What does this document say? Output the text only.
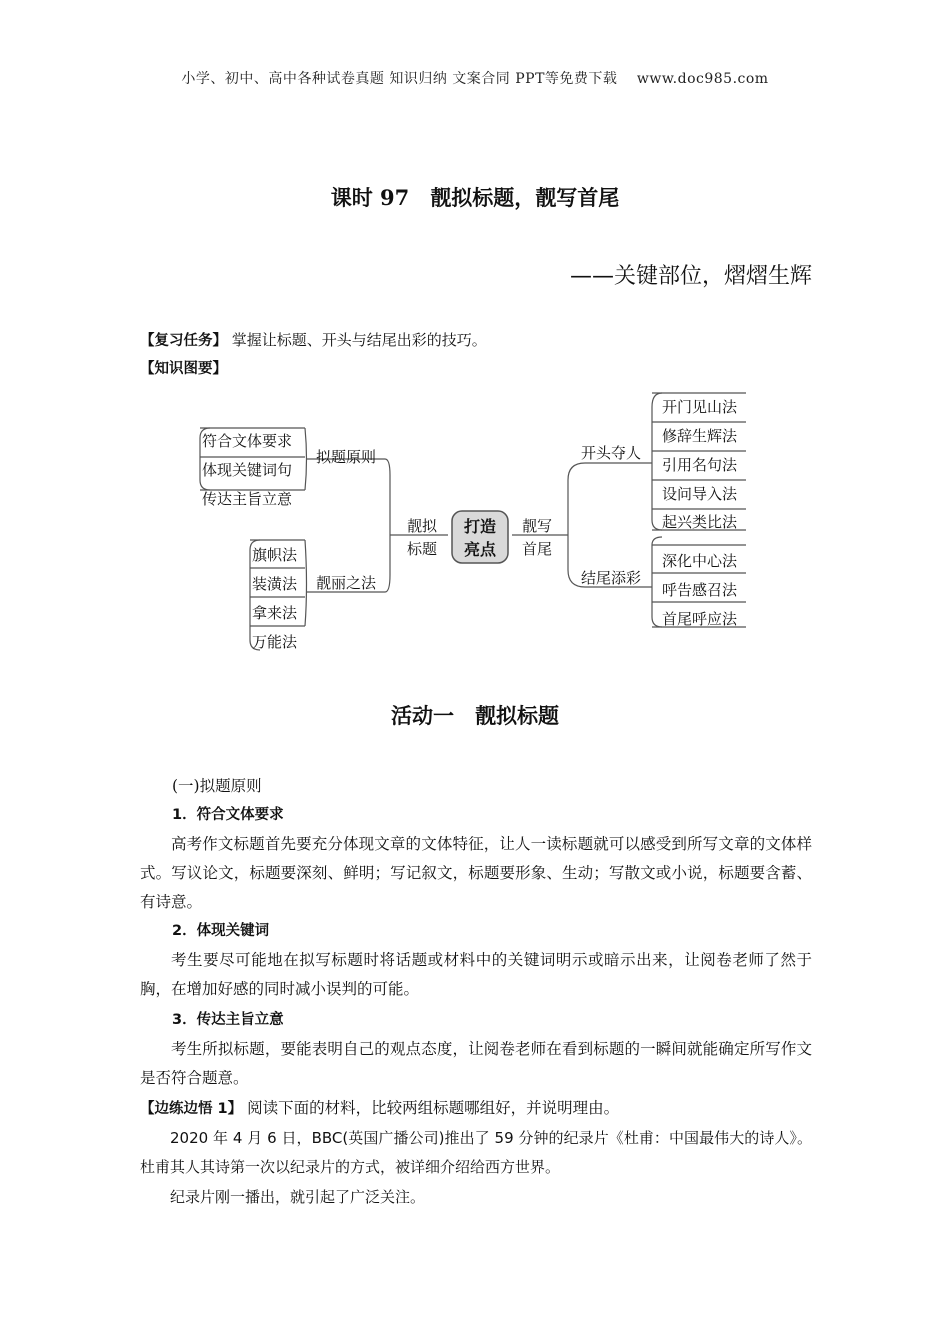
小学、初中、高中各种试卷真题 知识归纳 文案合同 PPT等免费下载　 www.doc985.com
课时 97　靓拟标题，靓写首尾
——关键部位，熠熠生辉
【复习任务】 掌握让标题、开头与结尾出彩的技巧。
【知识图要】
打造
亮点
靓拟
标题
靓写
首尾
拟题原则
靓丽之法
开头夺人
结尾添彩
符合文体要求
体现关键词句
传达主旨立意
旗帜法
装潢法
拿来法
万能法
开门见山法
修辞生辉法
引用名句法
设问导入法
起兴类比法
深化中心法
呼告感召法
首尾呼应法
活动一　靓拟标题
(一)拟题原则
1．符合文体要求
高考作文标题首先要充分体现文章的文体特征，让人一读标题就可以感受到所写文章的文体样式。写议论文，标题要深刻、鲜明；写记叙文，标题要形象、生动；写散文或小说，标题要含蓄、有诗意。
2．体现关键词
考生要尽可能地在拟写标题时将话题或材料中的关键词明示或暗示出来，让阅卷老师了然于胸，在增加好感的同时减小误判的可能。
3．传达主旨立意
考生所拟标题，要能表明自己的观点态度，让阅卷老师在看到标题的一瞬间就能确定所写作文是否符合题意。
【边练边悟 1】 阅读下面的材料，比较两组标题哪组好，并说明理由。
2020 年 4 月 6 日，BBC(英国广播公司)推出了 59 分钟的纪录片《杜甫：中国最伟大的诗人》。杜甫其人其诗第一次以纪录片的方式，被详细介绍给西方世界。
纪录片刚一播出，就引起了广泛关注。
